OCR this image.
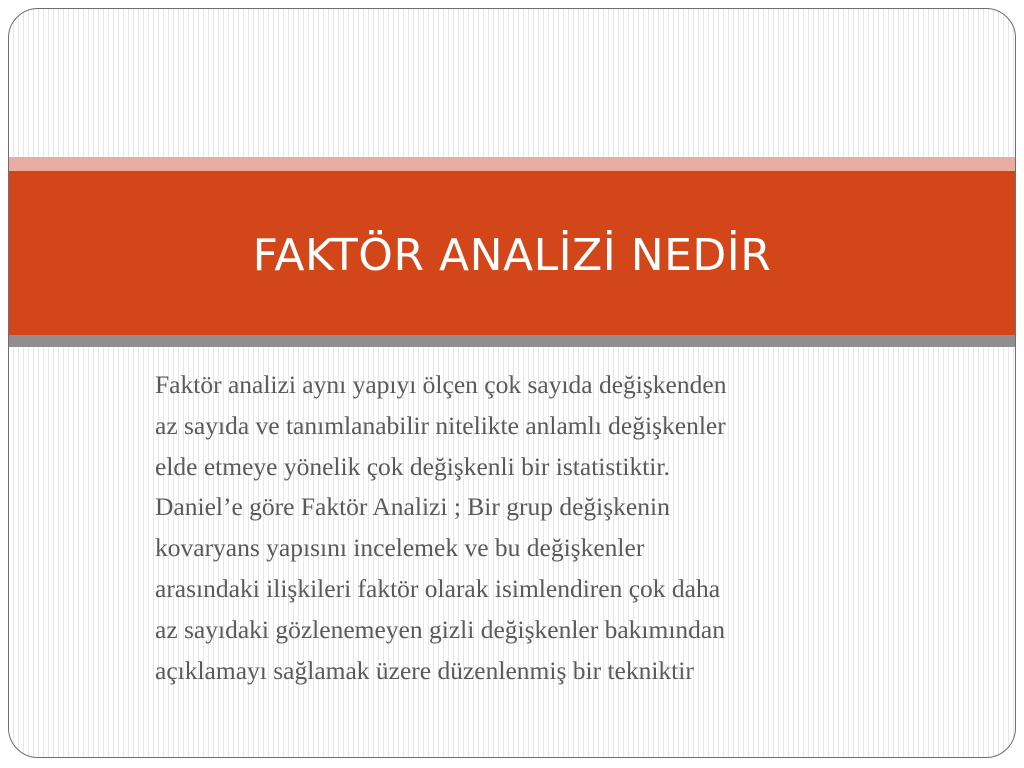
FAKTÖR ANALİZİ NEDİR
Faktör analizi aynı yapıyı ölçen çok sayıda değişkenden
az sayıda ve tanımlanabilir nitelikte anlamlı değişkenler
elde etmeye yönelik çok değişkenli bir istatistiktir.
Daniel’e göre Faktör Analizi ; Bir grup değişkenin
kovaryans yapısını incelemek ve bu değişkenler
arasındaki ilişkileri faktör olarak isimlendiren çok daha
az sayıdaki gözlenemeyen gizli değişkenler bakımından
açıklamayı sağlamak üzere düzenlenmiş bir tekniktir
